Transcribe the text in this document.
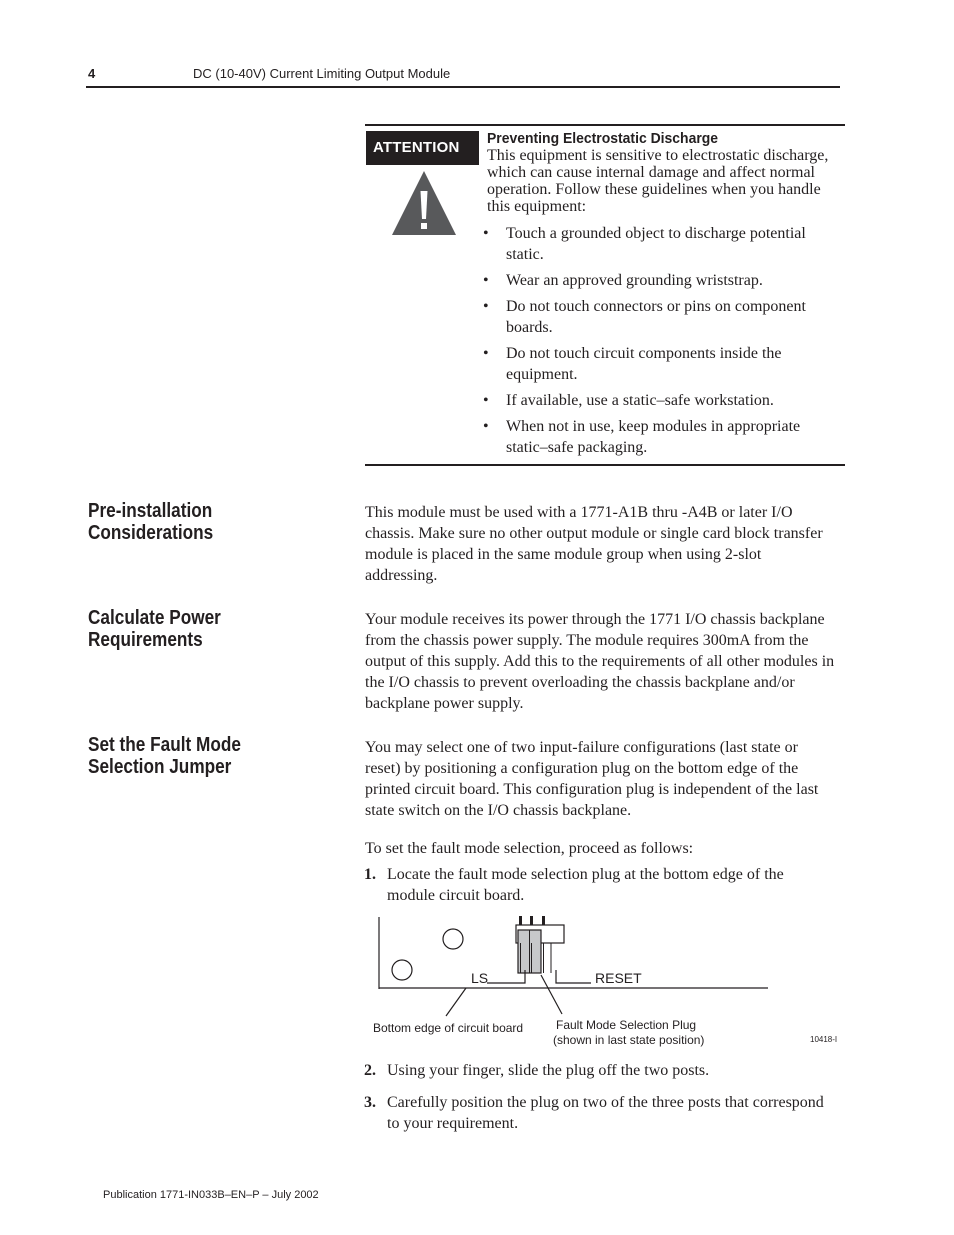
4	DC (10-40V) Current Limiting Output Module
ATTENTION
Preventing Electrostatic Discharge
This equipment is sensitive to electrostatic discharge, which can cause internal damage and affect normal operation. Follow these guidelines when you handle this equipment:
• Touch a grounded object to discharge potential static.
• Wear an approved grounding wriststrap.
• Do not touch connectors or pins on component boards.
• Do not touch circuit components inside the equipment.
• If available, use a static–safe workstation.
• When not in use, keep modules in appropriate static–safe packaging.
Pre-installation
Considerations
This module must be used with a 1771-A1B thru -A4B or later I/O chassis. Make sure no other output module or single card block transfer module is placed in the same module group when using 2-slot addressing.
Calculate Power
Requirements
Your module receives its power through the 1771 I/O chassis backplane from the chassis power supply. The module requires 300mA from the output of this supply. Add this to the requirements of all other modules in the I/O chassis to prevent overloading the chassis backplane and/or backplane power supply.
Set the Fault Mode
Selection Jumper
You may select one of two input-failure configurations (last state or reset) by positioning a configuration plug on the bottom edge of the printed circuit board. This configuration plug is independent of the last state switch on the I/O chassis backplane.
To set the fault mode selection, proceed as follows:
1. Locate the fault mode selection plug at the bottom edge of the module circuit board.
LS	RESET
Bottom edge of circuit board	Fault Mode Selection Plug
(shown in last state position)	10418-I
2. Using your finger, slide the plug off the two posts.
3. Carefully position the plug on two of the three posts that correspond to your requirement.
Publication 1771-IN033B–EN–P – July 2002
